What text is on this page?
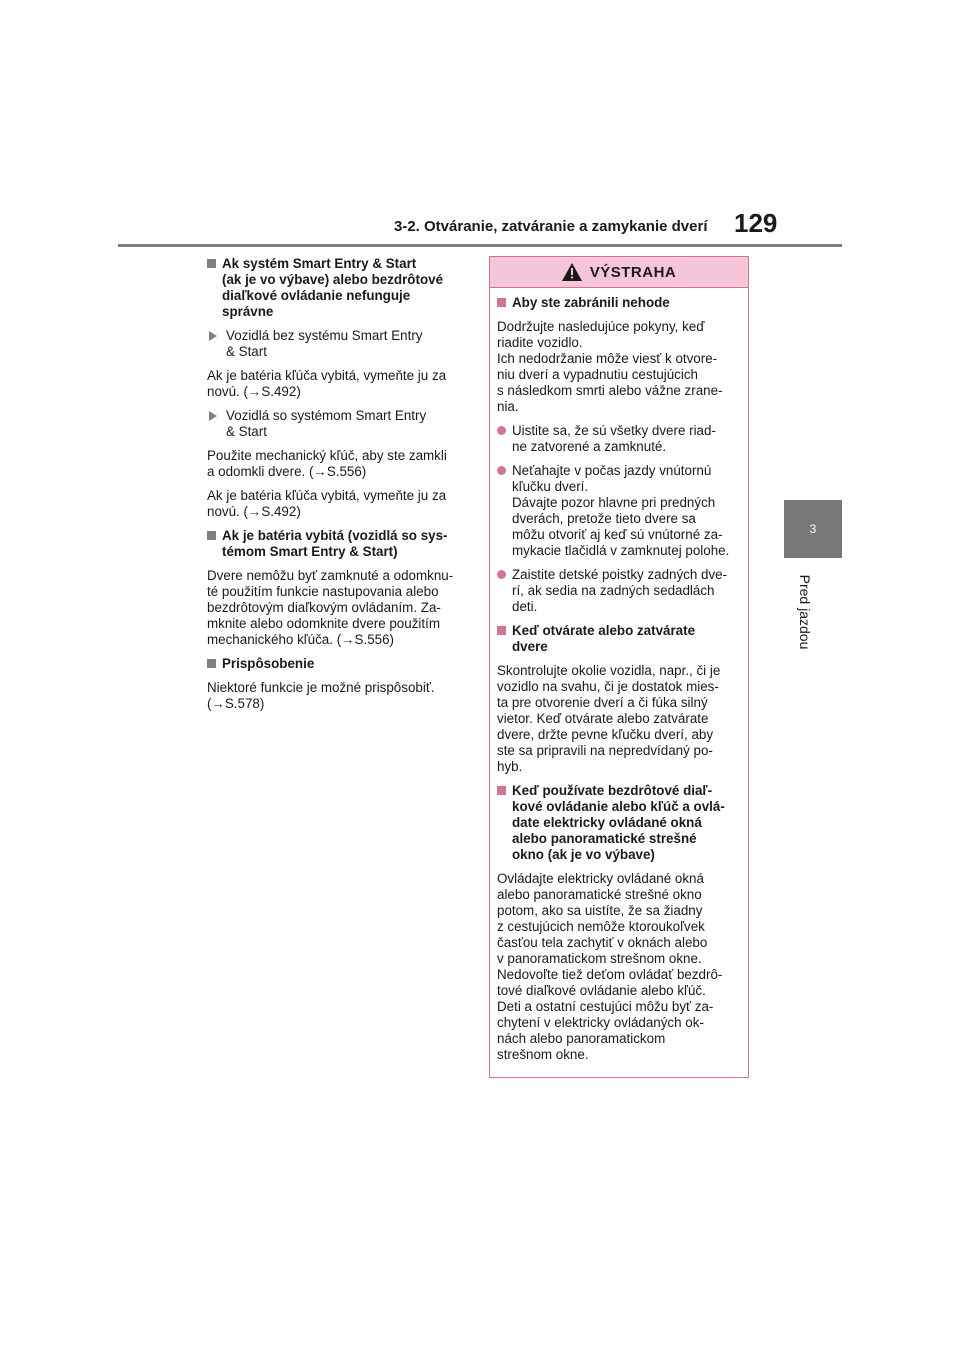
3-2. Otváranie, zatváranie a zamykanie dverí 129
3
Pred jazdou
Ak systém Smart Entry & Start
(ak je vo výbave) alebo bezdrôtové
diaľkové ovládanie nefunguje
správne
Vozidlá bez systému Smart Entry
& Start
Ak je batéria kľúča vybitá, vymeňte ju za
novú. (→S.492)
Vozidlá so systémom Smart Entry
& Start
Použite mechanický kľúč, aby ste zamkli
a odomkli dvere. (→S.556)
Ak je batéria kľúča vybitá, vymeňte ju za
novú. (→S.492)
Ak je batéria vybitá (vozidlá so sys-
témom Smart Entry & Start)
Dvere nemôžu byť zamknuté a odomknu-
té použitím funkcie nastupovania alebo
bezdrôtovým diaľkovým ovládaním. Za-
mknite alebo odomknite dvere použitím
mechanického kľúča. (→S.556)
Prispôsobenie
Niektoré funkcie je možné prispôsobiť.
(→S.578)
VÝSTRAHA
Aby ste zabránili nehode
Dodržujte nasledujúce pokyny, keď
riadite vozidlo.
Ich nedodržanie môže viesť k otvore-
niu dverí a vypadnutiu cestujúcich
s následkom smrti alebo vážne zrane-
nia.
Uistite sa, že sú všetky dvere riad-
ne zatvorené a zamknuté.
Neťahajte v počas jazdy vnútornú
kľučku dverí.
Dávajte pozor hlavne pri predných
dverách, pretože tieto dvere sa
môžu otvoriť aj keď sú vnútorné za-
mykacie tlačidlá v zamknutej polohe.
Zaistite detské poistky zadných dve-
rí, ak sedia na zadných sedadlách
deti.
Keď otvárate alebo zatvárate
dvere
Skontrolujte okolie vozidla, napr., či je
vozidlo na svahu, či je dostatok mies-
ta pre otvorenie dverí a či fúka silný
vietor. Keď otvárate alebo zatvárate
dvere, držte pevne kľučku dverí, aby
ste sa pripravili na nepredvídaný po-
hyb.
Keď používate bezdrôtové diaľ-
kové ovládanie alebo kľúč a ovlá-
date elektricky ovládané okná
alebo panoramatické strešné
okno (ak je vo výbave)
Ovládajte elektricky ovládané okná
alebo panoramatické strešné okno
potom, ako sa uistíte, že sa žiadny
z cestujúcich nemôže ktoroukoľvek
časťou tela zachytiť v oknách alebo
v panoramatickom strešnom okne.
Nedovoľte tiež deťom ovládať bezdrô-
tové diaľkové ovládanie alebo kľúč.
Deti a ostatní cestujúci môžu byť za-
chytení v elektricky ovládaných ok-
nách alebo panoramatickom
strešnom okne.
